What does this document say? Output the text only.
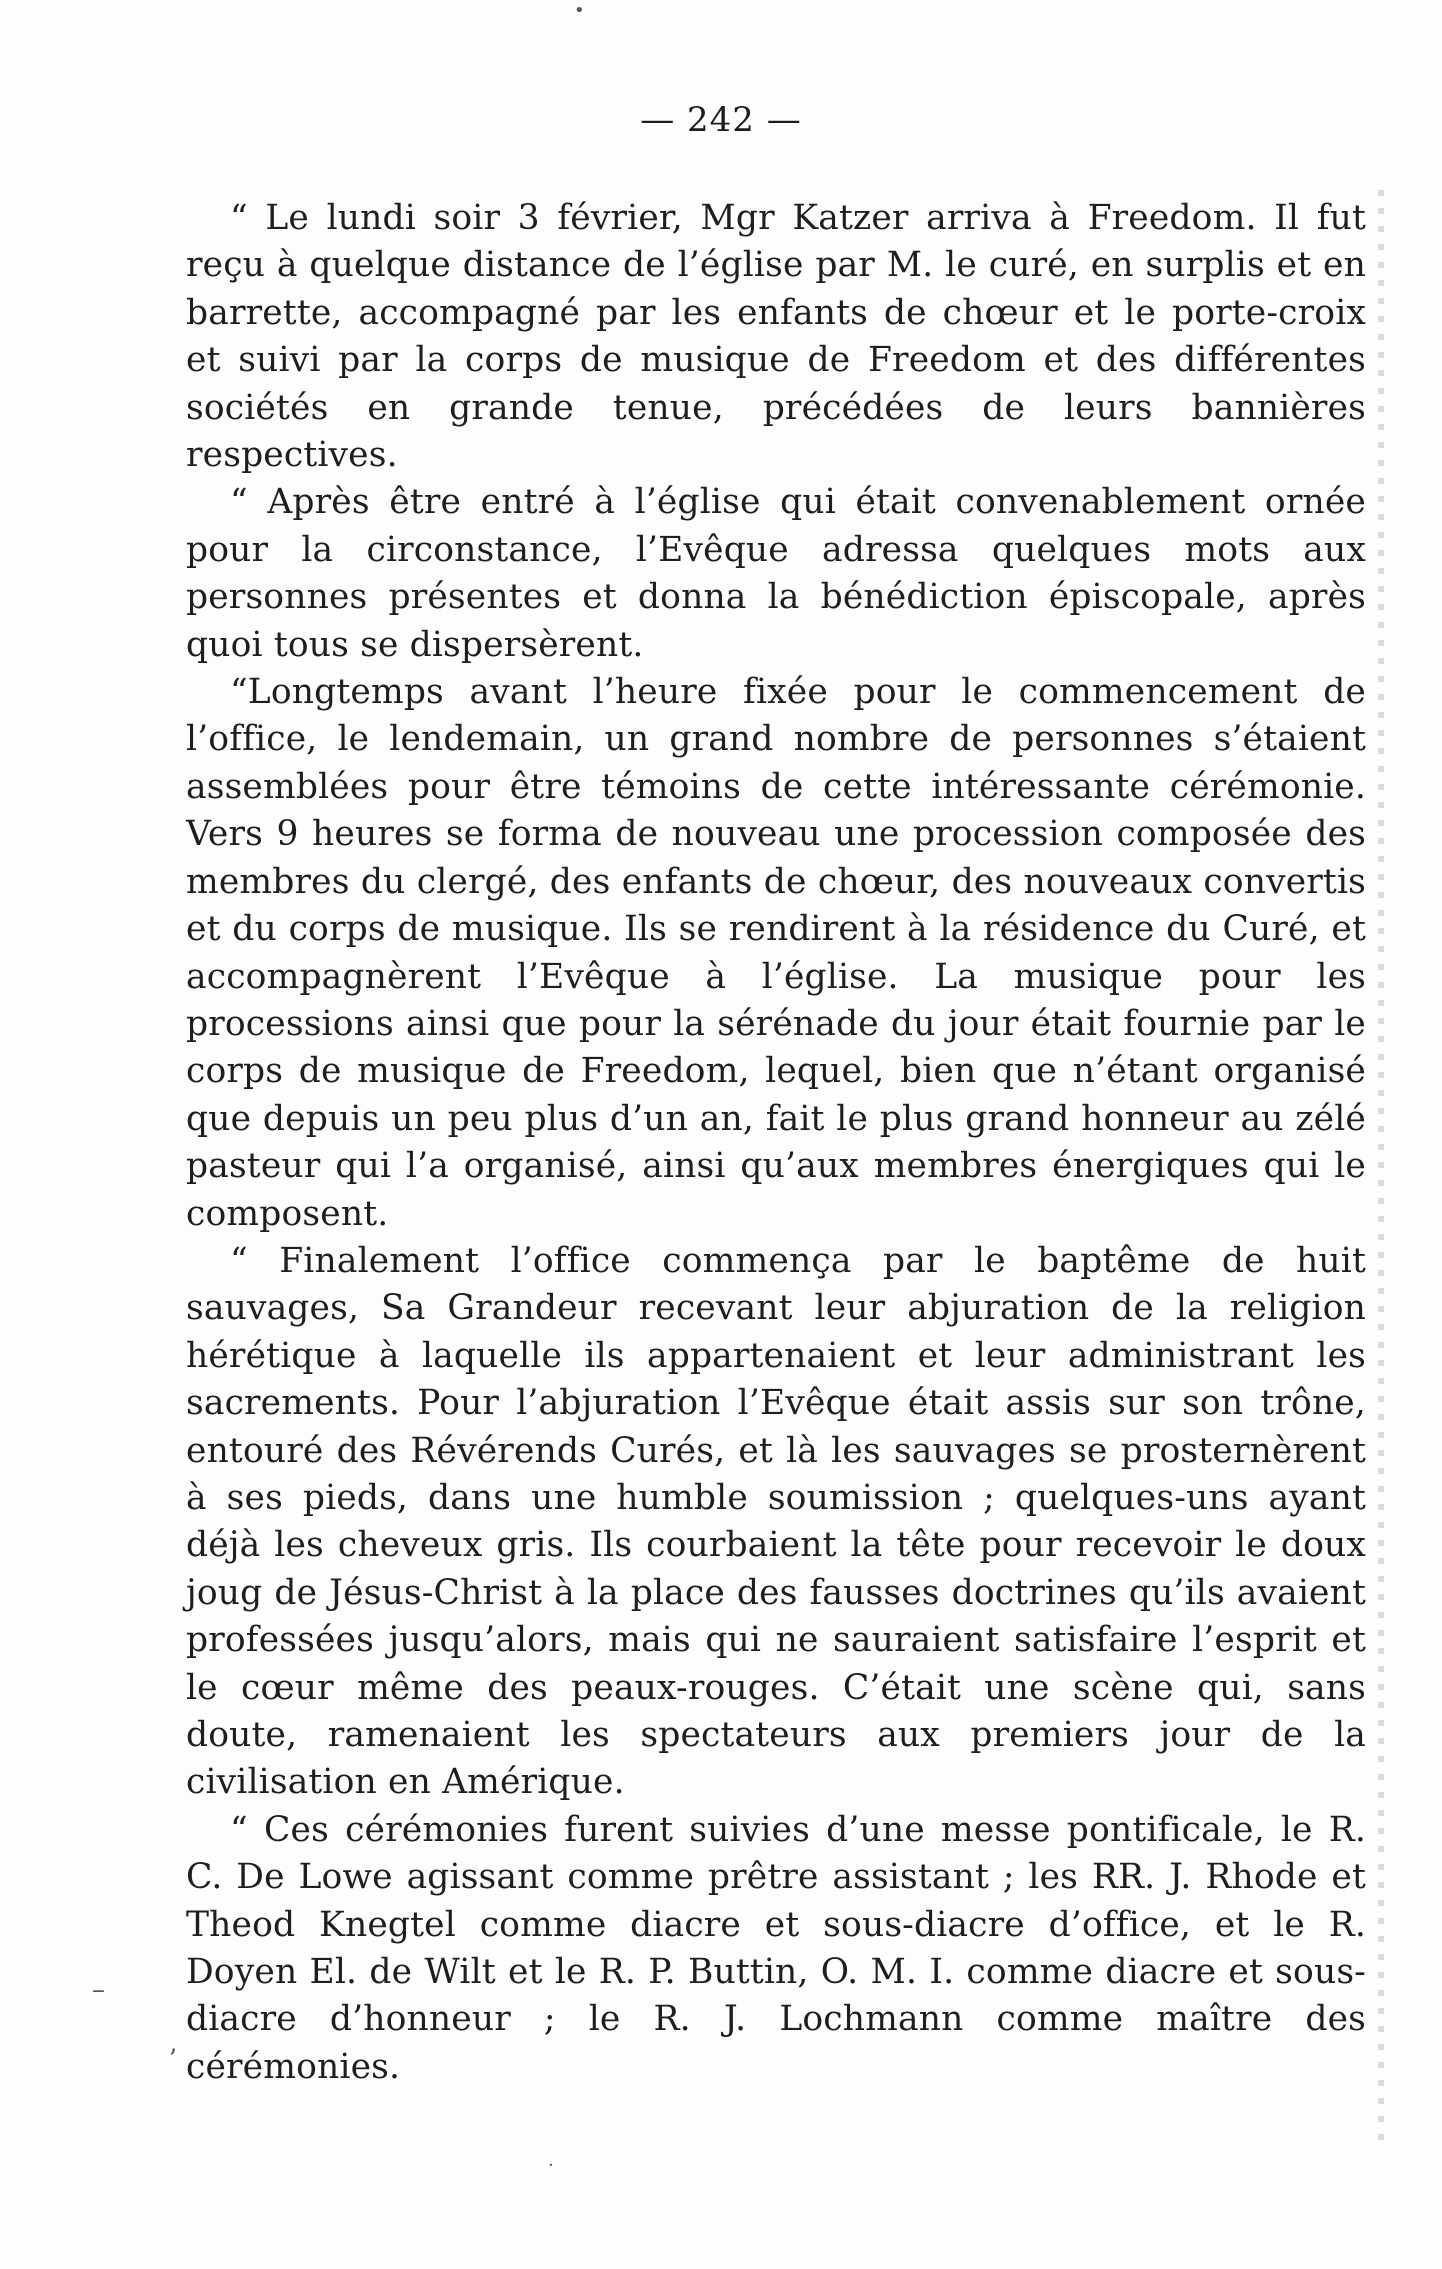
•
— 242 —

“ Le lundi soir 3 février, Mgr Katzer arriva à Freedom. Il fut reçu à quelque distance de l’église par M. le curé, en surplis et en barrette, accompagné par les enfants de chœur et le porte-croix et suivi par la corps de musique de Freedom et des différentes sociétés en grande tenue, précédées de leurs bannières respectives.

“ Après être entré à l’église qui était convenablement ornée pour la circonstance, l’Evêque adressa quelques mots aux personnes présentes et donna la bénédiction épiscopale, après quoi tous se dispersèrent.

“Longtemps avant l’heure fixée pour le commencement de l’office, le lendemain, un grand nombre de personnes s’étaient assemblées pour être témoins de cette intéressante cérémonie. Vers 9 heures se forma de nouveau une procession composée des membres du clergé, des enfants de chœur, des nouveaux convertis et du corps de musique. Ils se rendirent à la résidence du Curé, et accompagnèrent l’Evêque à l’église. La musique pour les processions ainsi que pour la sérénade du jour était fournie par le corps de musique de Freedom, lequel, bien que n’étant organisé que depuis un peu plus d’un an, fait le plus grand honneur au zélé pasteur qui l’a organisé, ainsi qu’aux membres énergiques qui le composent.

“ Finalement l’office commença par le baptême de huit sauvages, Sa Grandeur recevant leur abjuration de la religion hérétique à laquelle ils appartenaient et leur administrant les sacrements. Pour l’abjuration l’Evêque était assis sur son trône, entouré des Révérends Curés, et là les sauvages se prosternèrent à ses pieds, dans une humble soumission ; quelques-uns ayant déjà les cheveux gris. Ils courbaient la tête pour recevoir le doux joug de Jésus-Christ à la place des fausses doctrines qu’ils avaient professées jusqu’alors, mais qui ne sauraient satisfaire l’esprit et le cœur même des peaux-rouges. C’était une scène qui, sans doute, ramenaient les spectateurs aux premiers jour de la civilisation en Amérique.

“ Ces cérémonies furent suivies d’une messe pontificale, le R. C. De Lowe agissant comme prêtre assistant ; les RR. J. Rhode et Theod Knegtel comme diacre et sous-diacre d’office, et le R. Doyen El. de Wilt et le R. P. Buttin, O. M. I. comme diacre et sous-diacre d’honneur ; le R. J. Lochmann comme maître des cérémonies.

–
ʼ
·
